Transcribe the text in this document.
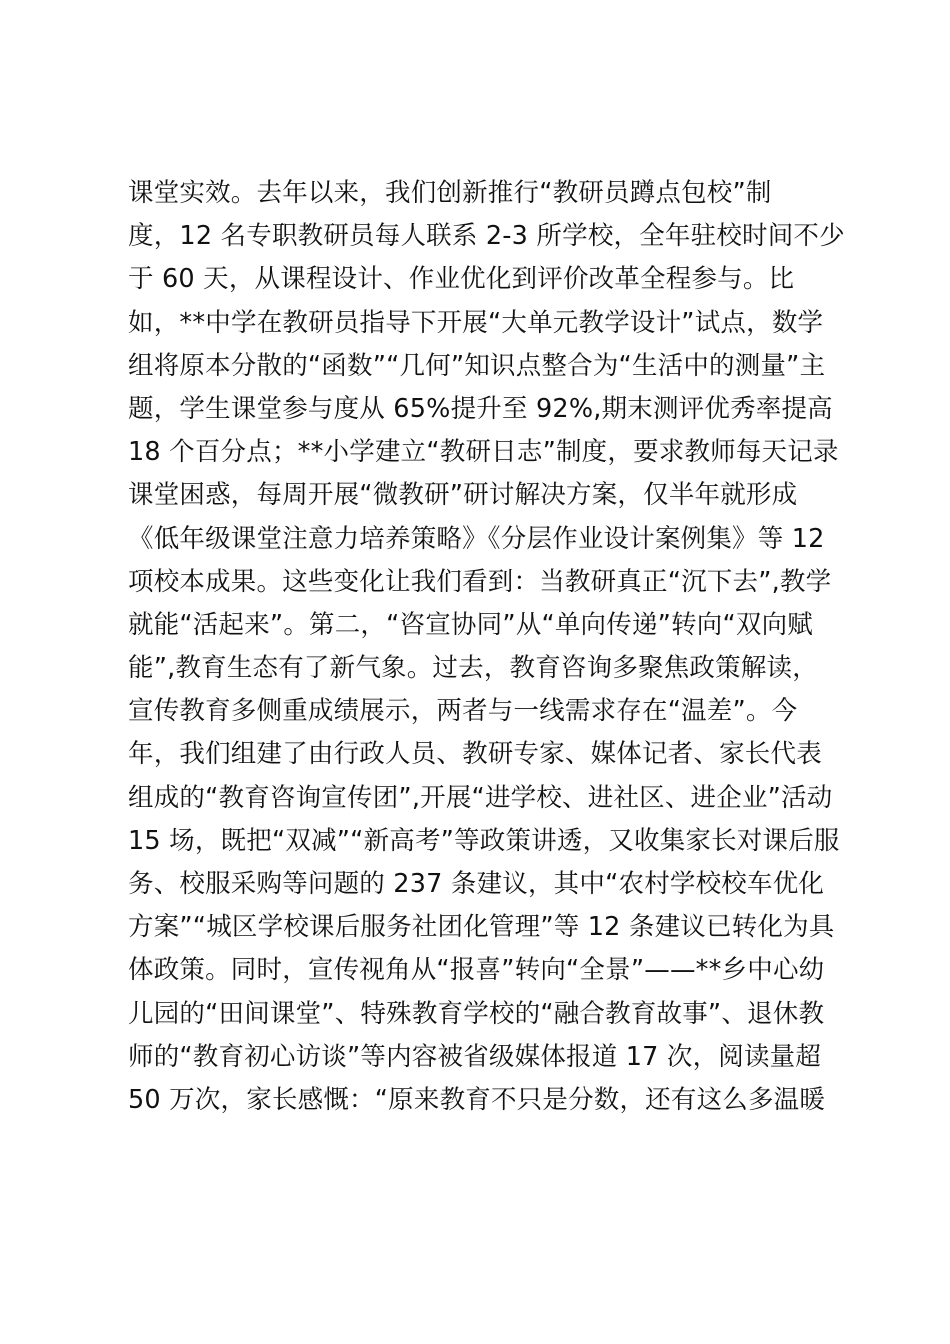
课堂实效。去年以来，我们创新推行“教研员蹲点包校”制
度，12 名专职教研员每人联系 2-3 所学校，全年驻校时间不少
于 60 天，从课程设计、作业优化到评价改革全程参与。比
如，**中学在教研员指导下开展“大单元教学设计”试点，数学
组将原本分散的“函数”“几何”知识点整合为“生活中的测量”主
题，学生课堂参与度从 65%提升至 92%,期末测评优秀率提高
18 个百分点；**小学建立“教研日志”制度，要求教师每天记录
课堂困惑，每周开展“微教研”研讨解决方案，仅半年就形成
《低年级课堂注意力培养策略》《分层作业设计案例集》等 12
项校本成果。这些变化让我们看到：当教研真正“沉下去”,教学
就能“活起来”。第二，“咨宣协同”从“单向传递”转向“双向赋
能”,教育生态有了新气象。过去，教育咨询多聚焦政策解读，
宣传教育多侧重成绩展示，两者与一线需求存在“温差”。今
年，我们组建了由行政人员、教研专家、媒体记者、家长代表
组成的“教育咨询宣传团”,开展“进学校、进社区、进企业”活动
15 场，既把“双减”“新高考”等政策讲透，又收集家长对课后服
务、校服采购等问题的 237 条建议，其中“农村学校校车优化
方案”“城区学校课后服务社团化管理”等 12 条建议已转化为具
体政策。同时，宣传视角从“报喜”转向“全景”——**乡中心幼
儿园的“田间课堂”、特殊教育学校的“融合教育故事”、退休教
师的“教育初心访谈”等内容被省级媒体报道 17 次，阅读量超
50 万次，家长感慨：“原来教育不只是分数，还有这么多温暖
